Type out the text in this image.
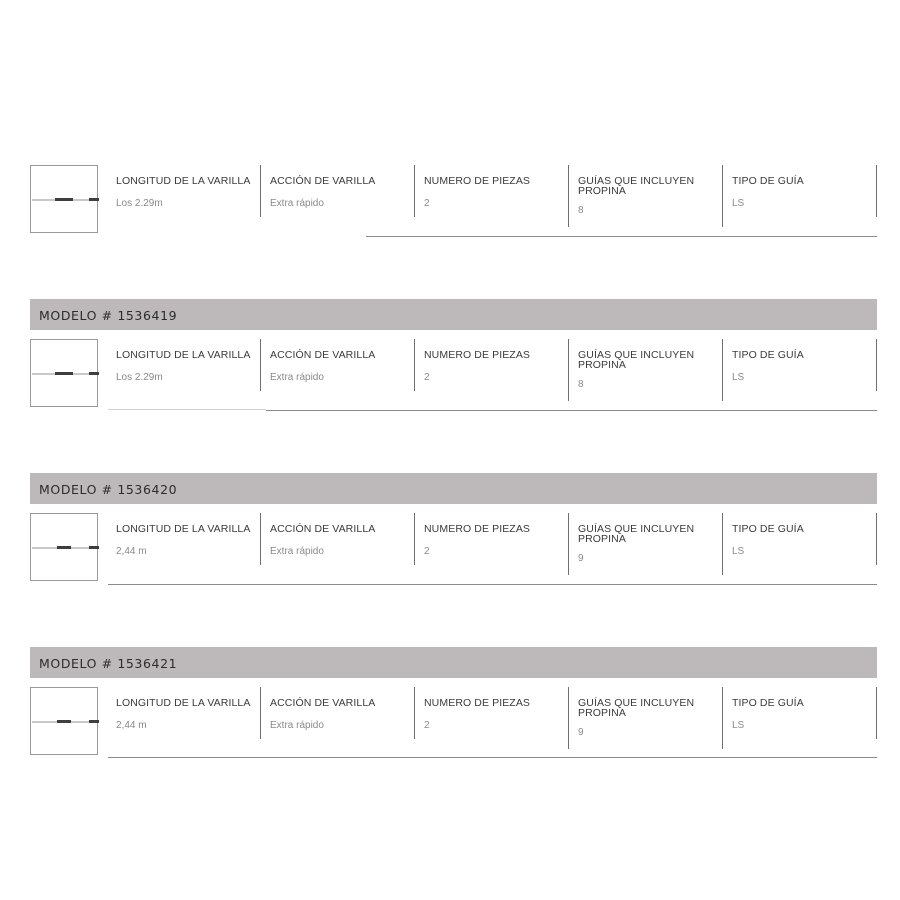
LONGITUD DE LA VARILLA
Los 2.29m
ACCIÓN DE VARILLA
Extra rápido
NUMERO DE PIEZAS
2
GUÍAS QUE INCLUYEN PROPINA
8
TIPO DE GUÍA
LS
MODELO # 1536419
LONGITUD DE LA VARILLA
Los 2.29m
ACCIÓN DE VARILLA
Extra rápido
NUMERO DE PIEZAS
2
GUÍAS QUE INCLUYEN PROPINA
8
TIPO DE GUÍA
LS
MODELO # 1536420
LONGITUD DE LA VARILLA
2,44 m
ACCIÓN DE VARILLA
Extra rápido
NUMERO DE PIEZAS
2
GUÍAS QUE INCLUYEN PROPINA
9
TIPO DE GUÍA
LS
MODELO # 1536421
LONGITUD DE LA VARILLA
2,44 m
ACCIÓN DE VARILLA
Extra rápido
NUMERO DE PIEZAS
2
GUÍAS QUE INCLUYEN PROPINA
9
TIPO DE GUÍA
LS
